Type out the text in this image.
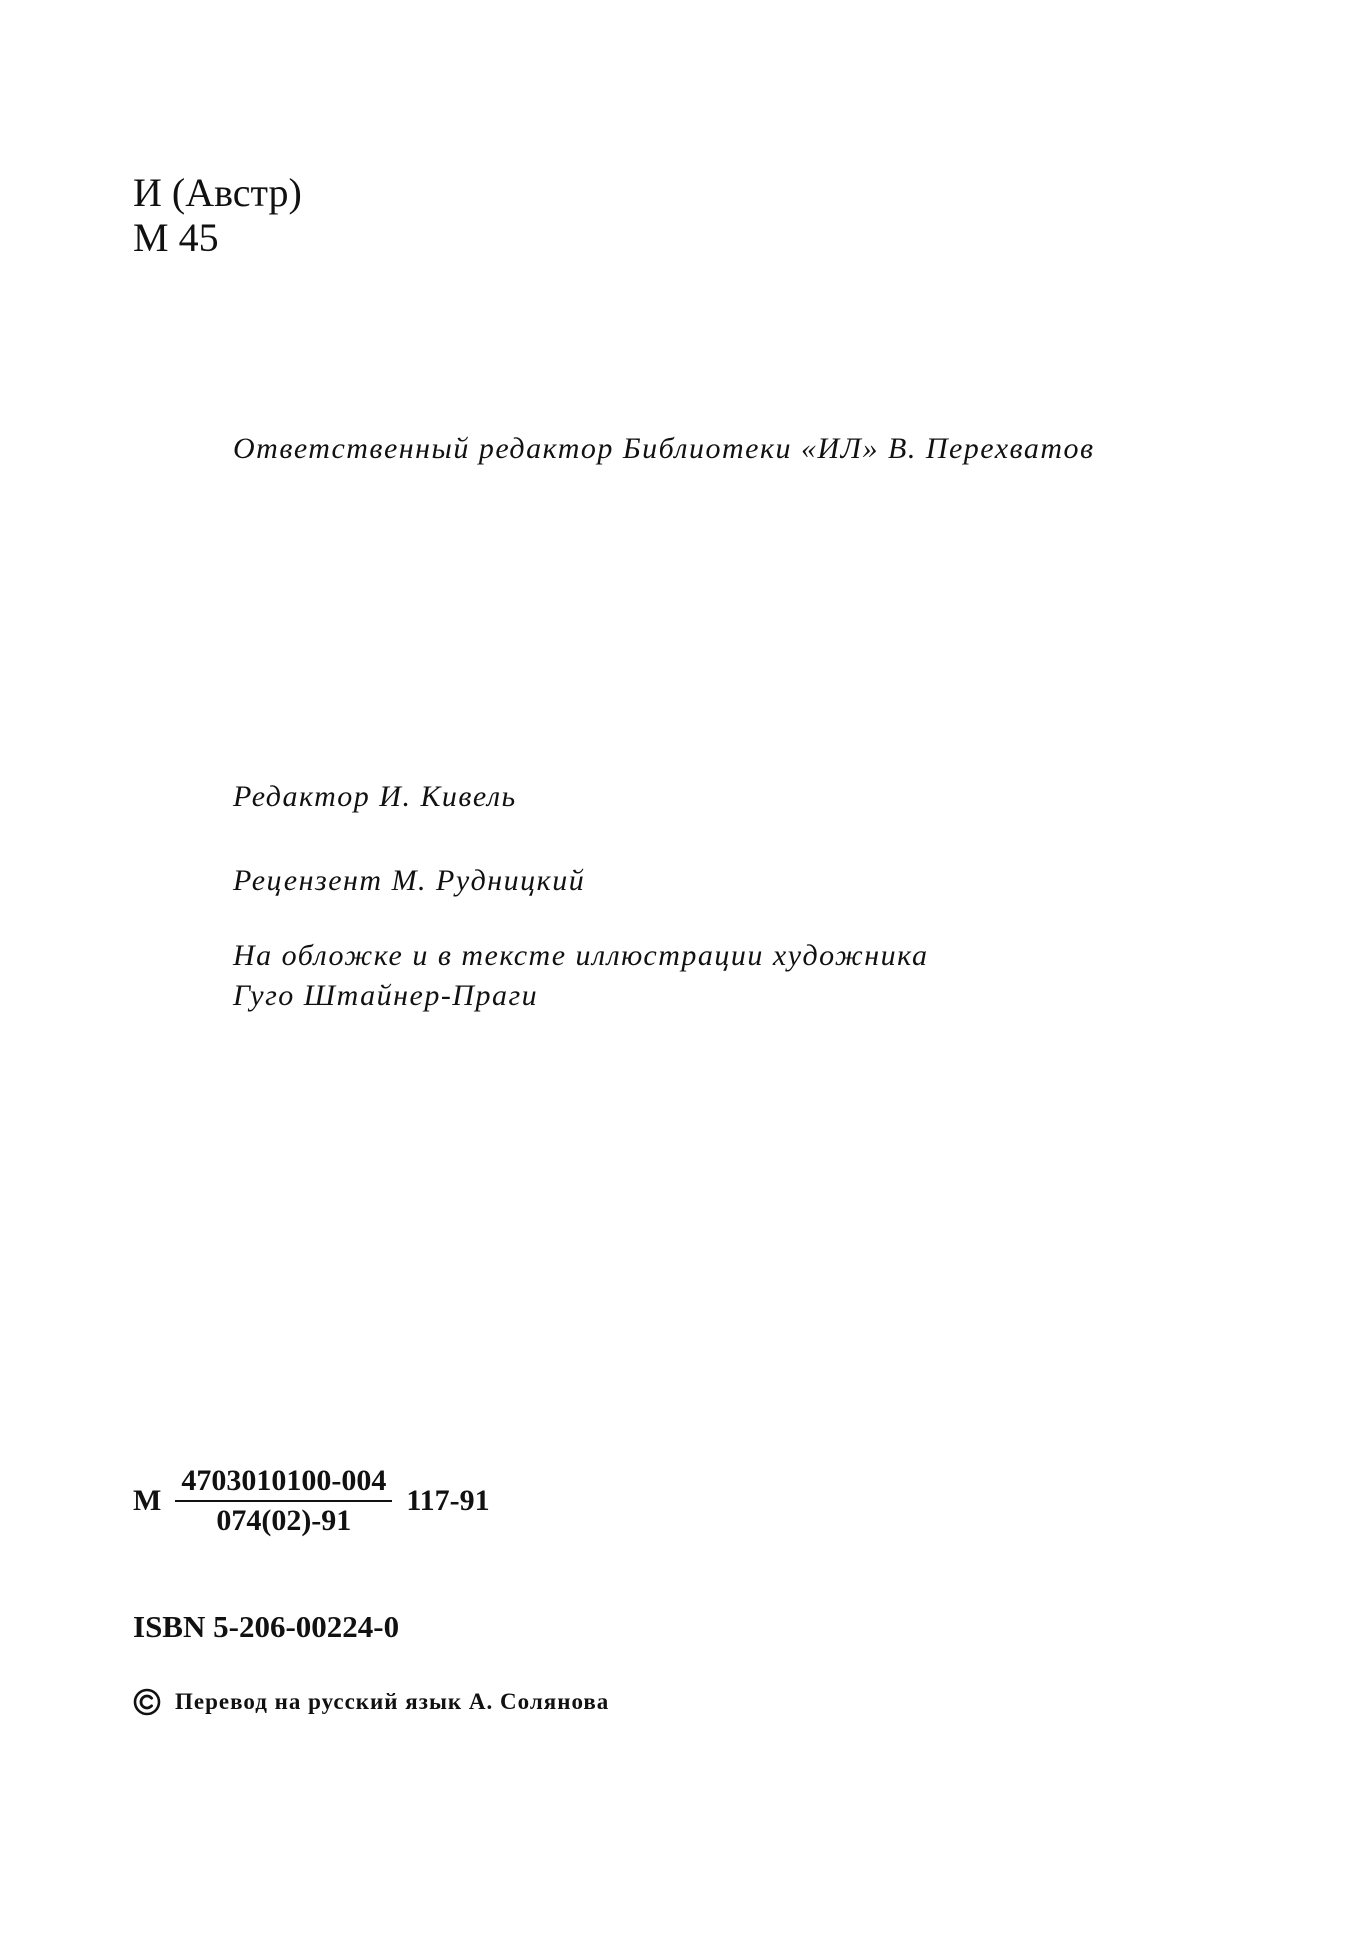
И (Австр)
М 45
Ответственный редактор Библиотеки «ИЛ» В. Перехватов
Редактор И. Кивель
Рецензент М. Рудницкий
На обложке и в тексте иллюстрации художника
Гуго Штайнер-Праги
М $\frac{4703010100-004}{074(02)-91} 117-91$
ISBN 5-206-00224-0
Перевод на русский язык А. Солянова
